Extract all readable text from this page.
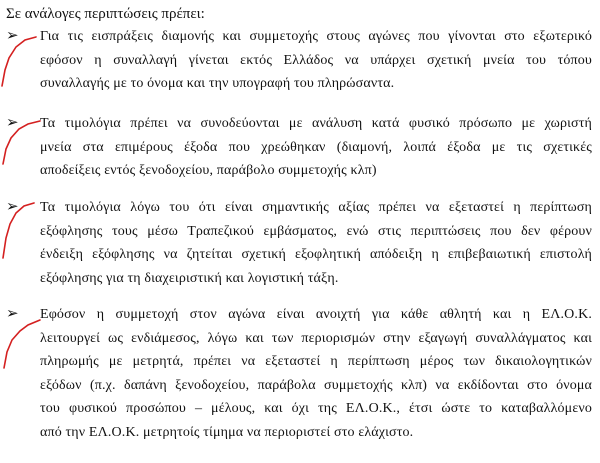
Σε ανάλογες περιπτώσεις πρέπει:
➢ Για τις εισπράξεις διαμονής και συμμετοχής στους αγώνες που γίνονται στο εξωτερικό
εφόσον η συναλλαγή γίνεται εκτός Ελλάδος να υπάρχει σχετική μνεία του τόπου
συναλλαγής με το όνομα και την υπογραφή του πληρώσαντα.
➢ Τα τιμολόγια πρέπει να συνοδεύονται με ανάλυση κατά φυσικό πρόσωπο με χωριστή
μνεία στα επιμέρους έξοδα που χρεώθηκαν (διαμονή, λοιπά έξοδα με τις σχετικές
αποδείξεις εντός ξενοδοχείου, παράβολο συμμετοχής κλπ)
➢ Τα τιμολόγια λόγω του ότι είναι σημαντικής αξίας πρέπει να εξεταστεί η περίπτωση
εξόφλησης τους μέσω Τραπεζικού εμβάσματος, ενώ στις περιπτώσεις που δεν φέρουν
ένδειξη εξόφλησης να ζητείται σχετική εξοφλητική απόδειξη η επιβεβαιωτική επιστολή
εξόφλησης για τη διαχειριστική και λογιστική τάξη.
➢ Εφόσον η συμμετοχή στον αγώνα είναι ανοιχτή για κάθε αθλητή και η ΕΛ.Ο.Κ.
λειτουργεί ως ενδιάμεσος, λόγω και των περιορισμών στην εξαγωγή συναλλάγματος και
πληρωμής με μετρητά, πρέπει να εξεταστεί η περίπτωση μέρος των δικαιολογητικών
εξόδων (π.χ. δαπάνη ξενοδοχείου, παράβολα συμμετοχής κλπ) να εκδίδονται στο όνομα
του φυσικού προσώπου – μέλους, και όχι της ΕΛ.Ο.Κ., έτσι ώστε το καταβαλλόμενο
από την ΕΛ.Ο.Κ. μετρητοίς τίμημα να περιοριστεί στο ελάχιστο.
